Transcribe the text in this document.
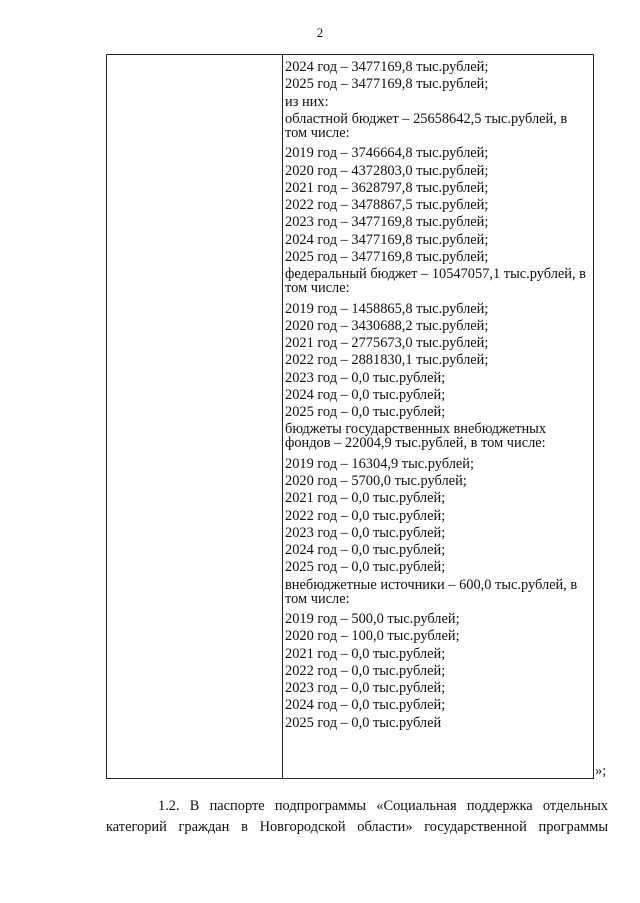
2
2024 год – 3477169,8 тыс.рублей;
2025 год – 3477169,8 тыс.рублей;
из них:
областной бюджет – 25658642,5 тыс.рублей, в том числе:
2019 год – 3746664,8 тыс.рублей;
2020 год – 4372803,0 тыс.рублей;
2021 год – 3628797,8 тыс.рублей;
2022 год – 3478867,5 тыс.рублей;
2023 год – 3477169,8 тыс.рублей;
2024 год – 3477169,8 тыс.рублей;
2025 год – 3477169,8 тыс.рублей;
федеральный бюджет – 10547057,1 тыс.рублей, в том числе:
2019 год – 1458865,8 тыс.рублей;
2020 год – 3430688,2 тыс.рублей;
2021 год – 2775673,0 тыс.рублей;
2022 год – 2881830,1 тыс.рублей;
2023 год – 0,0 тыс.рублей;
2024 год – 0,0 тыс.рублей;
2025 год – 0,0 тыс.рублей;
бюджеты государственных внебюджетных фондов – 22004,9 тыс.рублей, в том числе:
2019 год – 16304,9 тыс.рублей;
2020 год – 5700,0 тыс.рублей;
2021 год – 0,0 тыс.рублей;
2022 год – 0,0 тыс.рублей;
2023 год – 0,0 тыс.рублей;
2024 год – 0,0 тыс.рублей;
2025 год – 0,0 тыс.рублей;
внебюджетные источники – 600,0 тыс.рублей, в том числе:
2019 год – 500,0 тыс.рублей;
2020 год – 100,0 тыс.рублей;
2021 год – 0,0 тыс.рублей;
2022 год – 0,0 тыс.рублей;
2023 год – 0,0 тыс.рублей;
2024 год – 0,0 тыс.рублей;
2025 год – 0,0 тыс.рублей
»;
1.2. В паспорте подпрограммы «Социальная поддержка отдельных
категорий граждан в Новгородской области» государственной программы
